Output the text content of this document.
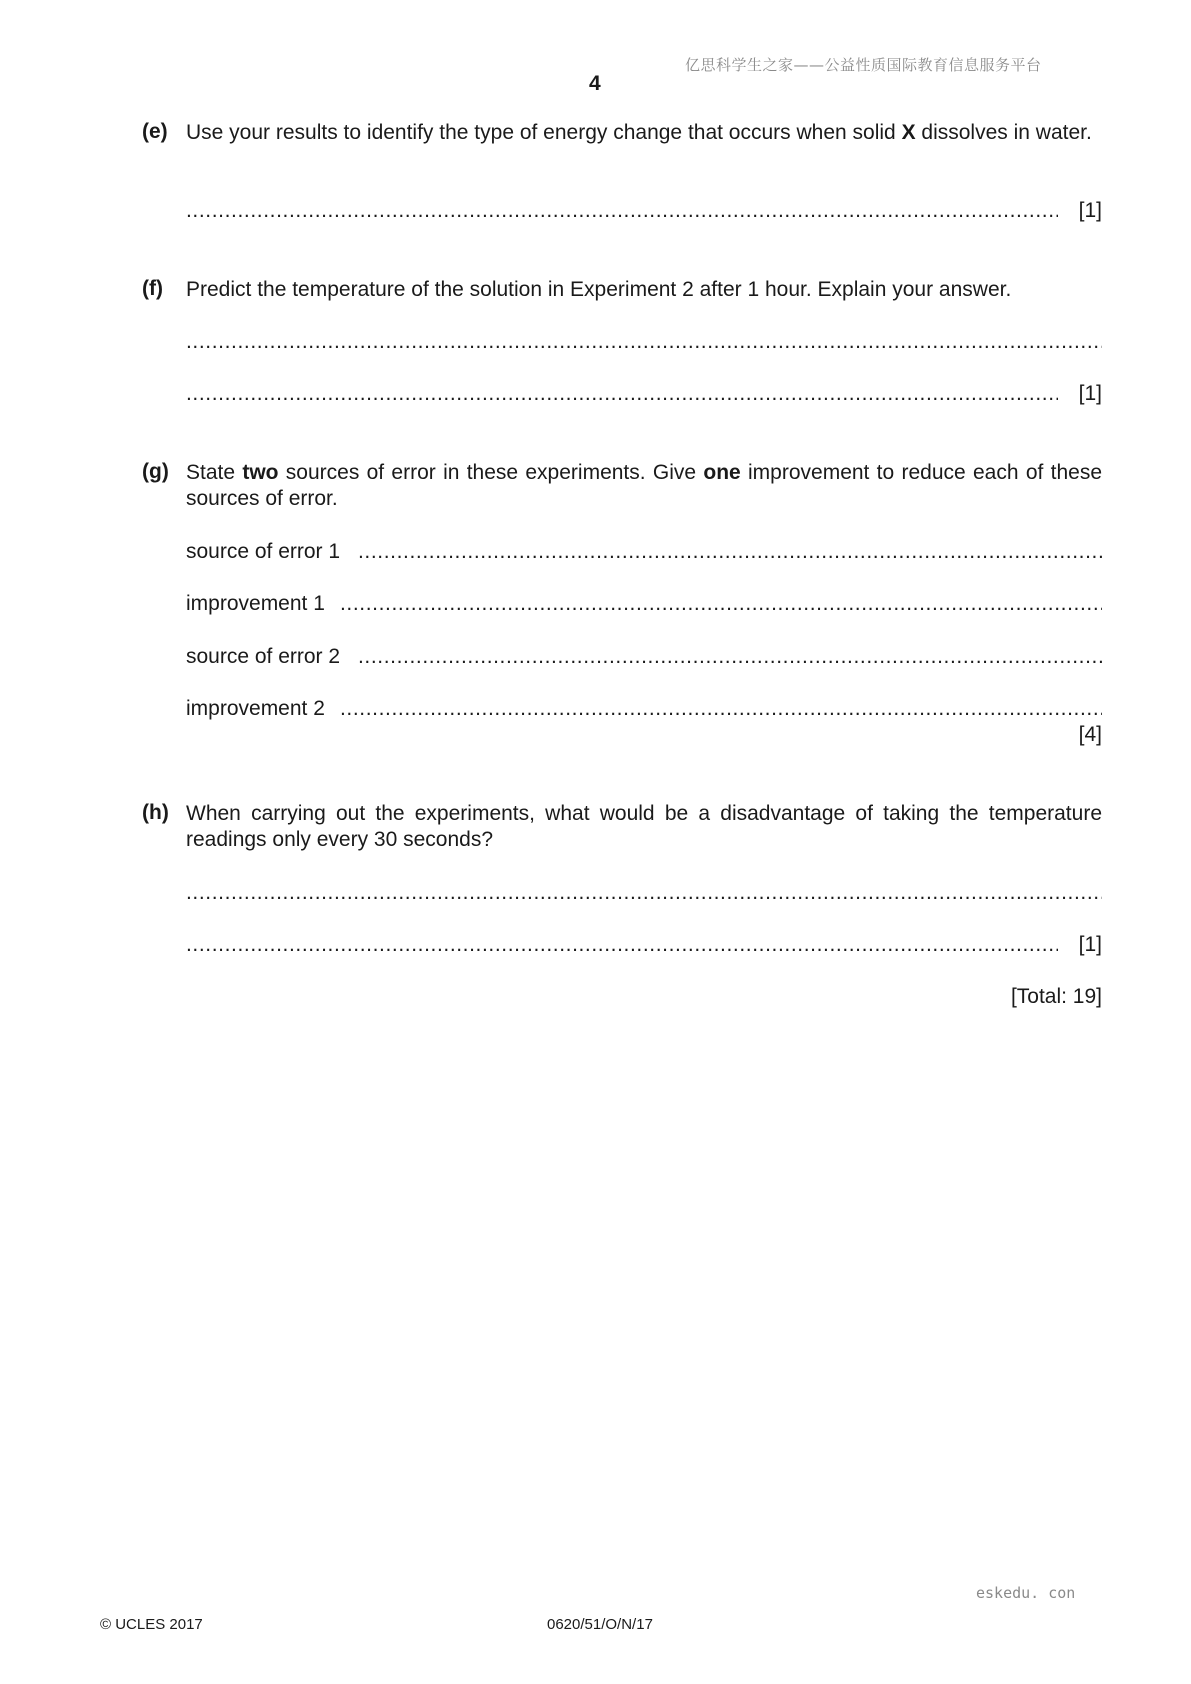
亿思科学生之家——公益性质国际教育信息服务平台
4
(e) Use your results to identify the type of energy change that occurs when solid X dissolves in water.
.....
[1]
(f) Predict the temperature of the solution in Experiment 2 after 1 hour. Explain your answer.
.....
.....
[1]
(g) State two sources of error in these experiments. Give one improvement to reduce each of these sources of error.
source of error 1
.....
improvement 1
.....
source of error 2
.....
improvement 2
.....
[4]
(h) When carrying out the experiments, what would be a disadvantage of taking the temperature readings only every 30 seconds?
.....
.....
[1]
[Total: 19]
eskedu. con
© UCLES 2017	0620/51/O/N/17
